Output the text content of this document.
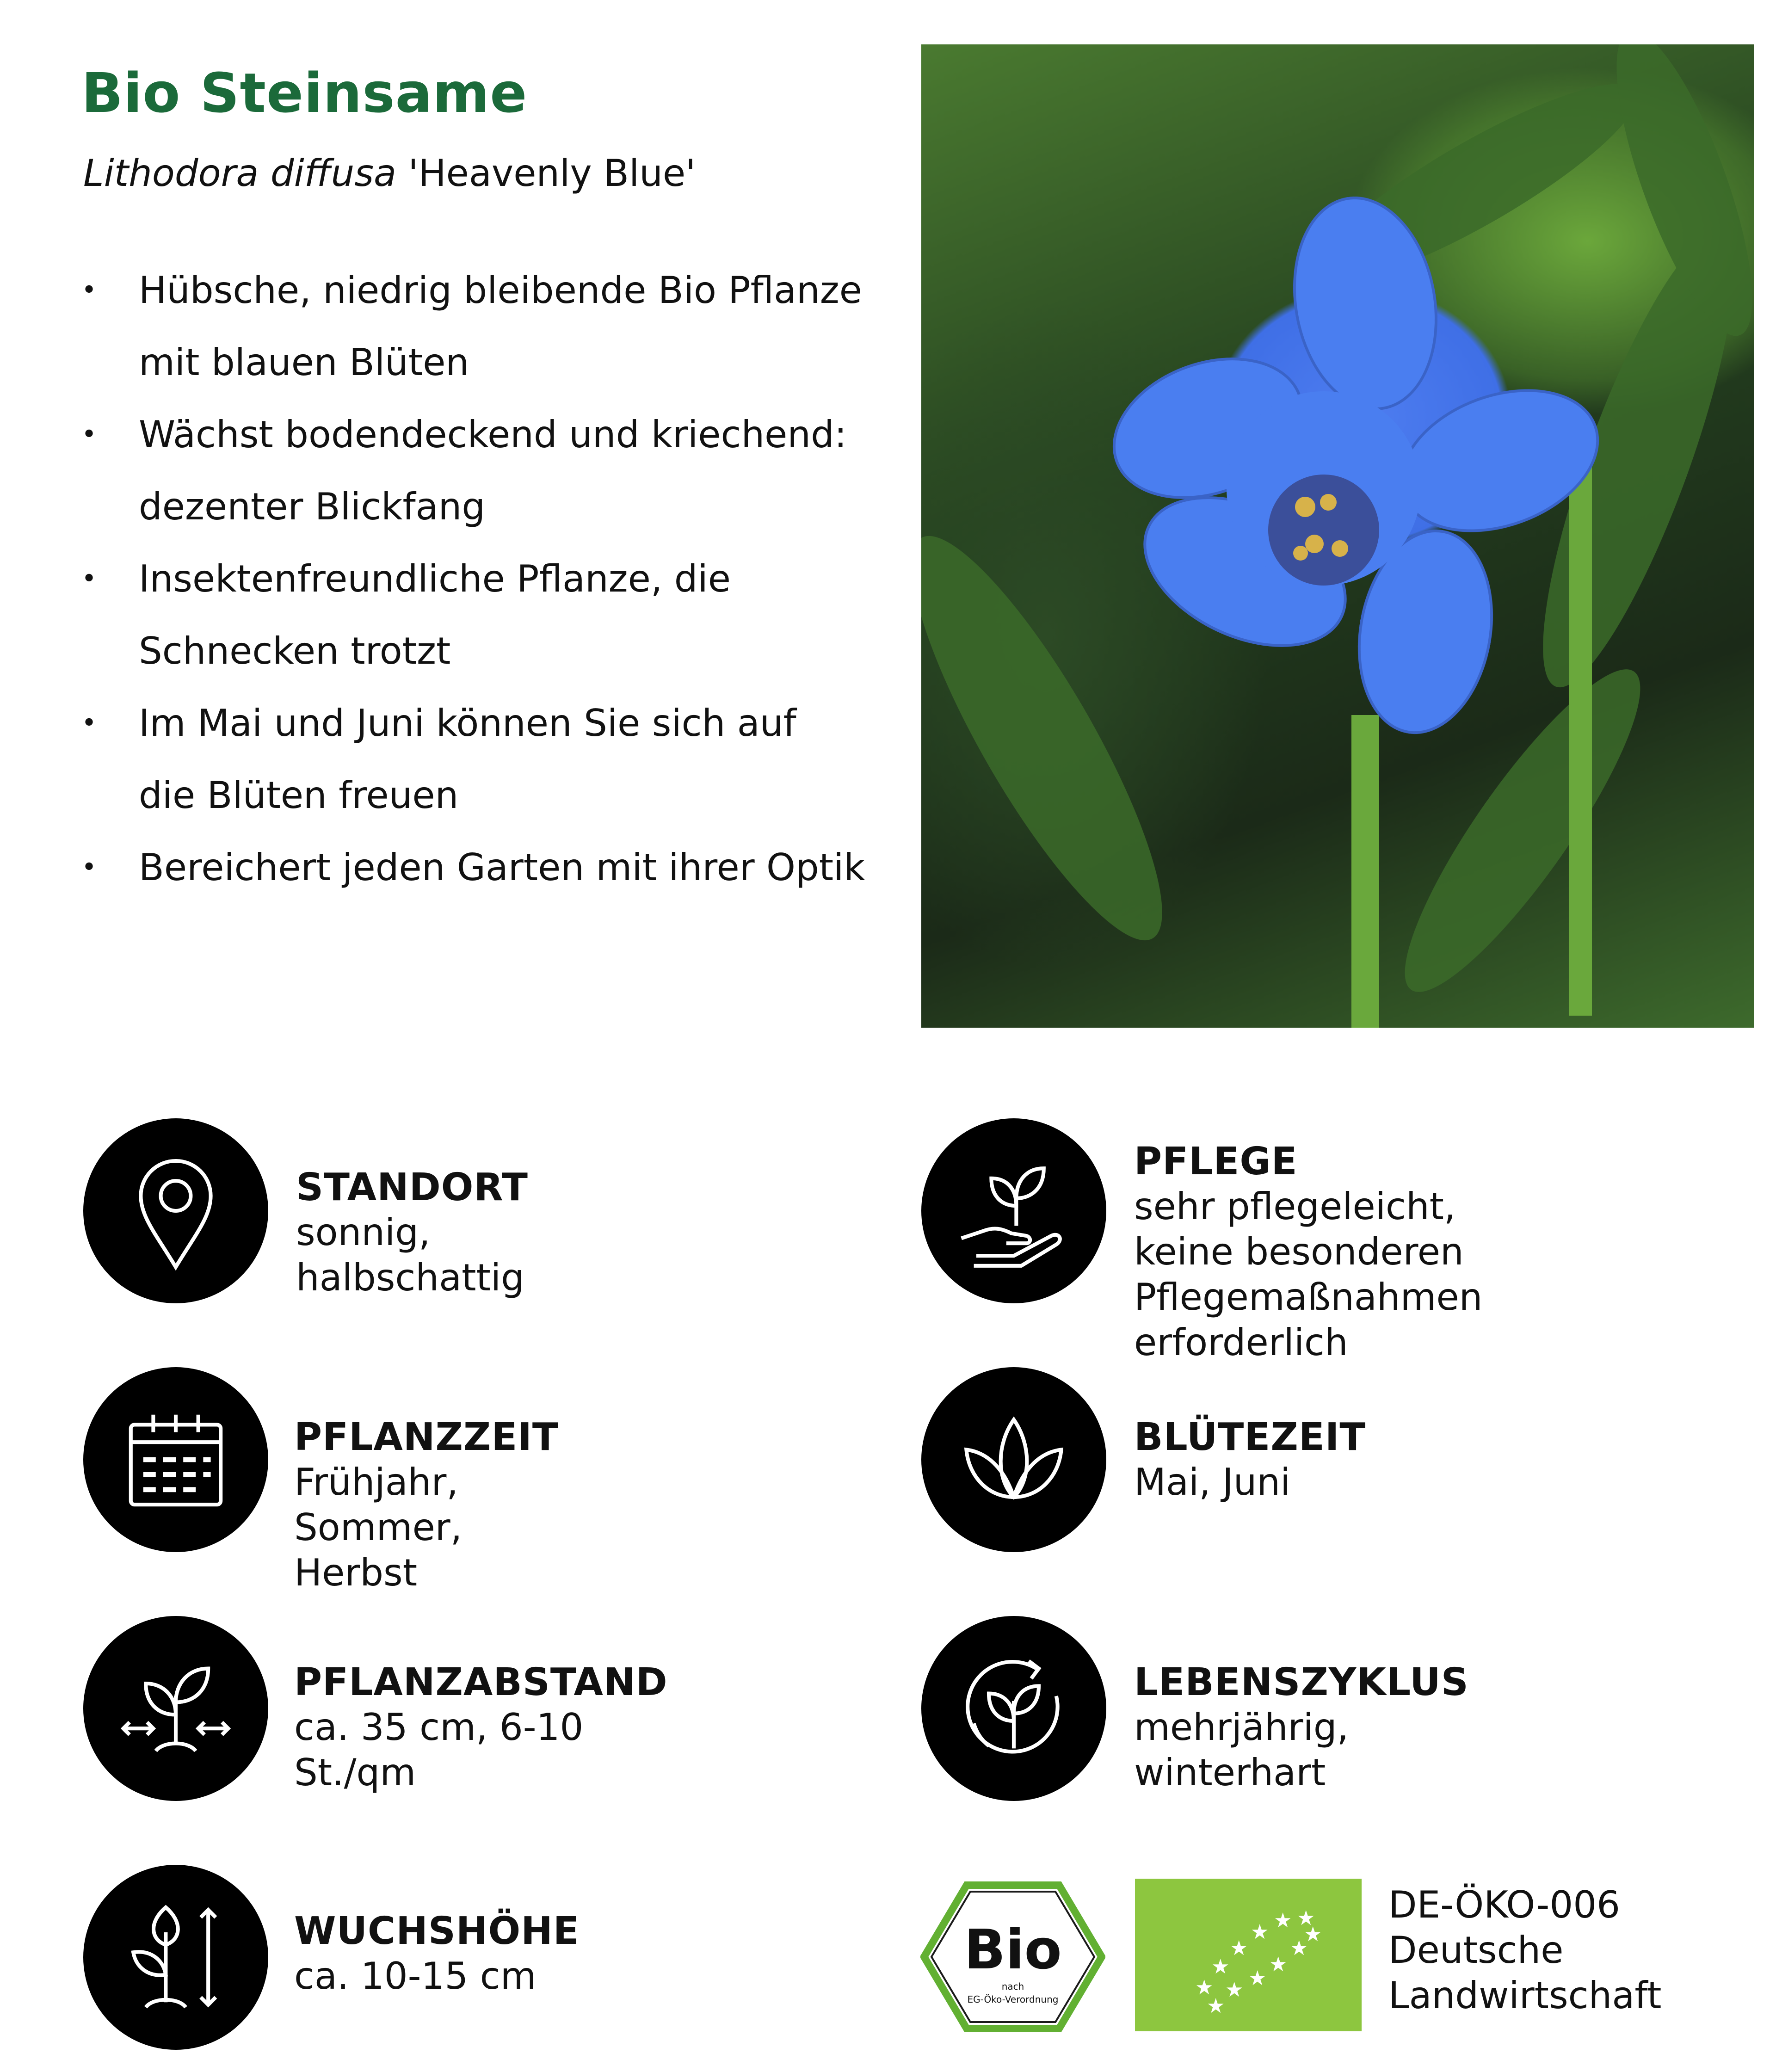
Bio Steinsame
Lithodora diffusa 'Heavenly Blue'
• Hübsche, niedrig bleibende Bio Pflanze
mit blauen Blüten
• Wächst bodendeckend und kriechend:
dezenter Blickfang
• Insektenfreundliche Pflanze, die
Schnecken trotzt
• Im Mai und Juni können Sie sich auf
die Blüten freuen
• Bereichert jeden Garten mit ihrer Optik
STANDORT
sonnig, halbschattig
PFLANZZEIT
Frühjahr, Sommer, Herbst
PFLANZABSTAND
ca. 35 cm, 6-10 St./qm
WUCHSHÖHE
ca. 10-15 cm
PFLEGE
sehr pflegeleicht, keine besonderen
Pflegemaßnahmen erforderlich
BLÜTEZEIT
Mai, Juni
LEBENSZYKLUS
mehrjährig, winterhart
Bio
nach
EG-Öko-Verordnung	★
★
★
★ ★ ★
★ ★
★
★
★
★
DE-ÖKO-006
Deutsche
Landwirtschaft
